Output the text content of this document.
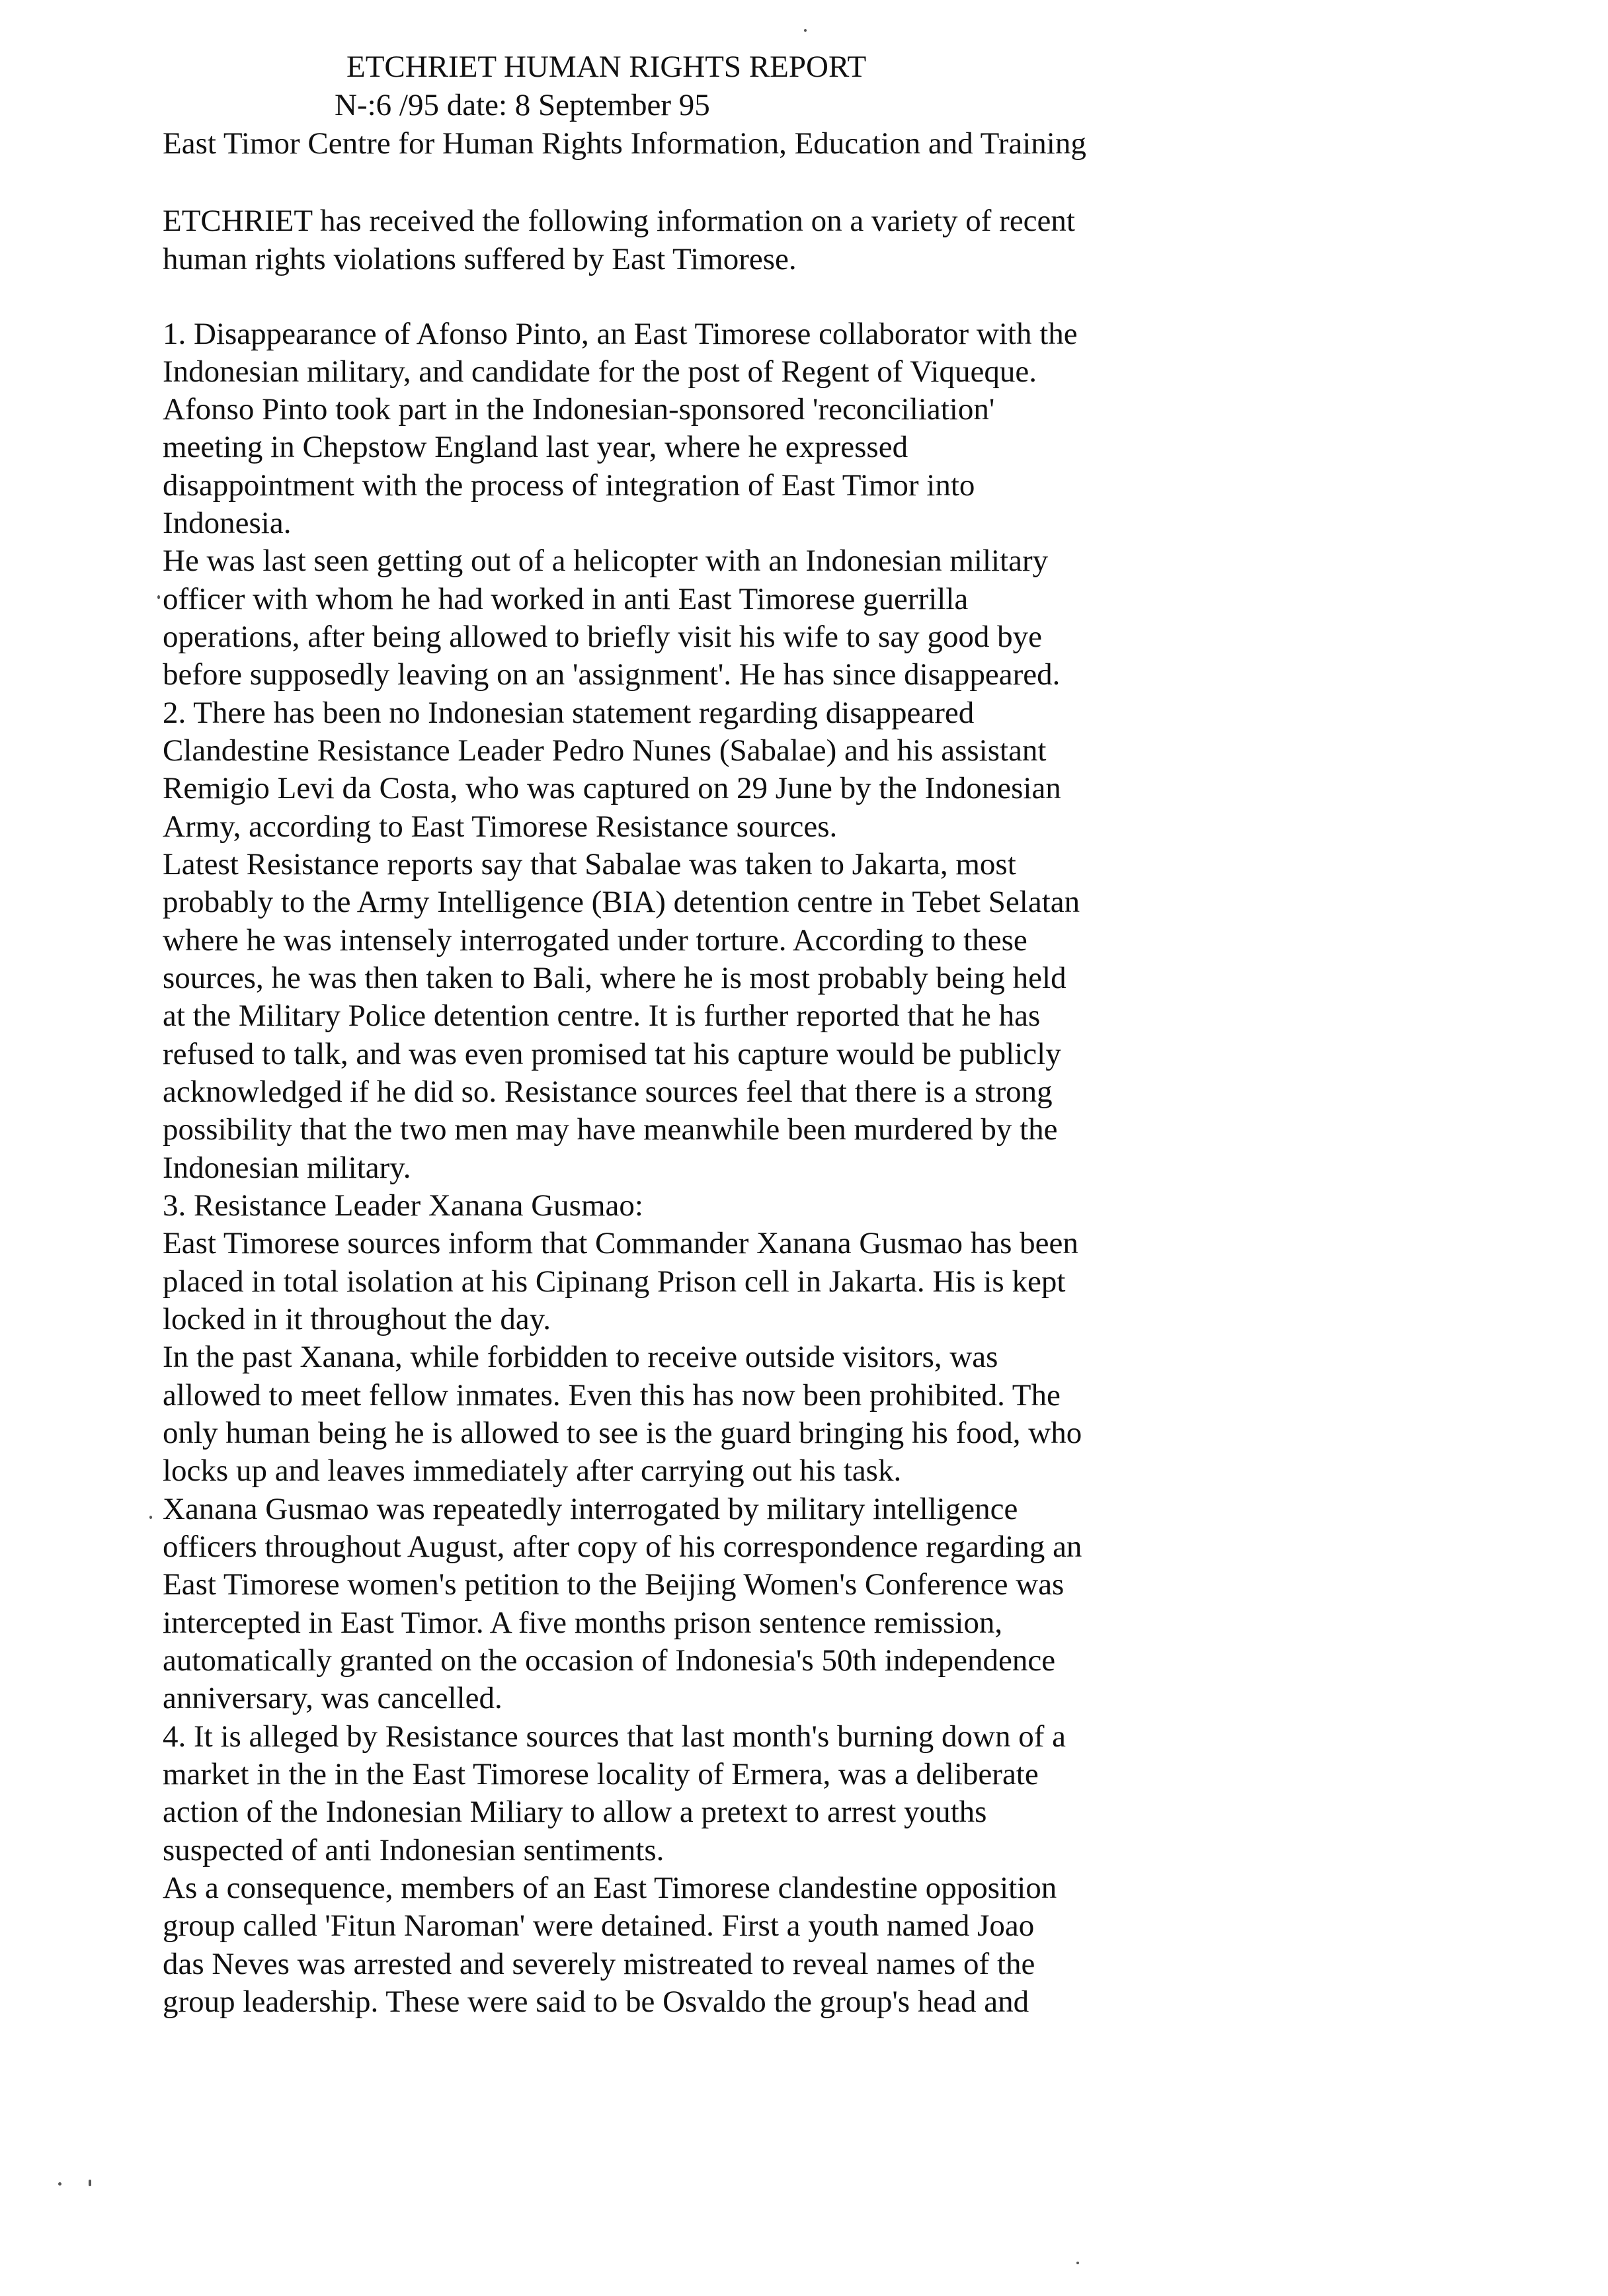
ETCHRIET HUMAN RIGHTS REPORT
N-:6 /95 date: 8 September 95
East Timor Centre for Human Rights Information, Education and Training
ETCHRIET has received the following information on a variety of recent
human rights violations suffered by East Timorese.
1. Disappearance of Afonso Pinto, an East Timorese collaborator with the
Indonesian military, and candidate for the post of Regent of Viqueque.
Afonso Pinto took part in the Indonesian-sponsored 'reconciliation'
meeting in Chepstow England last year, where he expressed
disappointment with the process of integration of East Timor into
Indonesia.
He was last seen getting out of a helicopter with an Indonesian military
officer with whom he had worked in anti East Timorese guerrilla
operations, after being allowed to briefly visit his wife to say good bye
before supposedly leaving on an 'assignment'. He has since disappeared.
2. There has been no Indonesian statement regarding disappeared
Clandestine Resistance Leader Pedro Nunes (Sabalae) and his assistant
Remigio Levi da Costa, who was captured on 29 June by the Indonesian
Army, according to East Timorese Resistance sources.
Latest Resistance reports say that Sabalae was taken to Jakarta, most
probably to the Army Intelligence (BIA) detention centre in Tebet Selatan
where he was intensely interrogated under torture. According to these
sources, he was then taken to Bali, where he is most probably being held
at the Military Police detention centre. It is further reported that he has
refused to talk, and was even promised tat his capture would be publicly
acknowledged if he did so. Resistance sources feel that there is a strong
possibility that the two men may have meanwhile been murdered by the
Indonesian military.
3. Resistance Leader Xanana Gusmao:
East Timorese sources inform that Commander Xanana Gusmao has been
placed in total isolation at his Cipinang Prison cell in Jakarta. His is kept
locked in it throughout the day.
In the past Xanana, while forbidden to receive outside visitors, was
allowed to meet fellow inmates. Even this has now been prohibited. The
only human being he is allowed to see is the guard bringing his food, who
locks up and leaves immediately after carrying out his task.
Xanana Gusmao was repeatedly interrogated by military intelligence
officers throughout August, after copy of his correspondence regarding an
East Timorese women's petition to the Beijing Women's Conference was
intercepted in East Timor. A five months prison sentence remission,
automatically granted on the occasion of Indonesia's 50th independence
anniversary, was cancelled.
4. It is alleged by Resistance sources that last month's burning down of a
market in the in the East Timorese locality of Ermera, was a deliberate
action of the Indonesian Miliary to allow a pretext to arrest youths
suspected of anti Indonesian sentiments.
As a consequence, members of an East Timorese clandestine opposition
group called 'Fitun Naroman' were detained. First a youth named Joao
das Neves was arrested and severely mistreated to reveal names of the
group leadership. These were said to be Osvaldo the group's head and
